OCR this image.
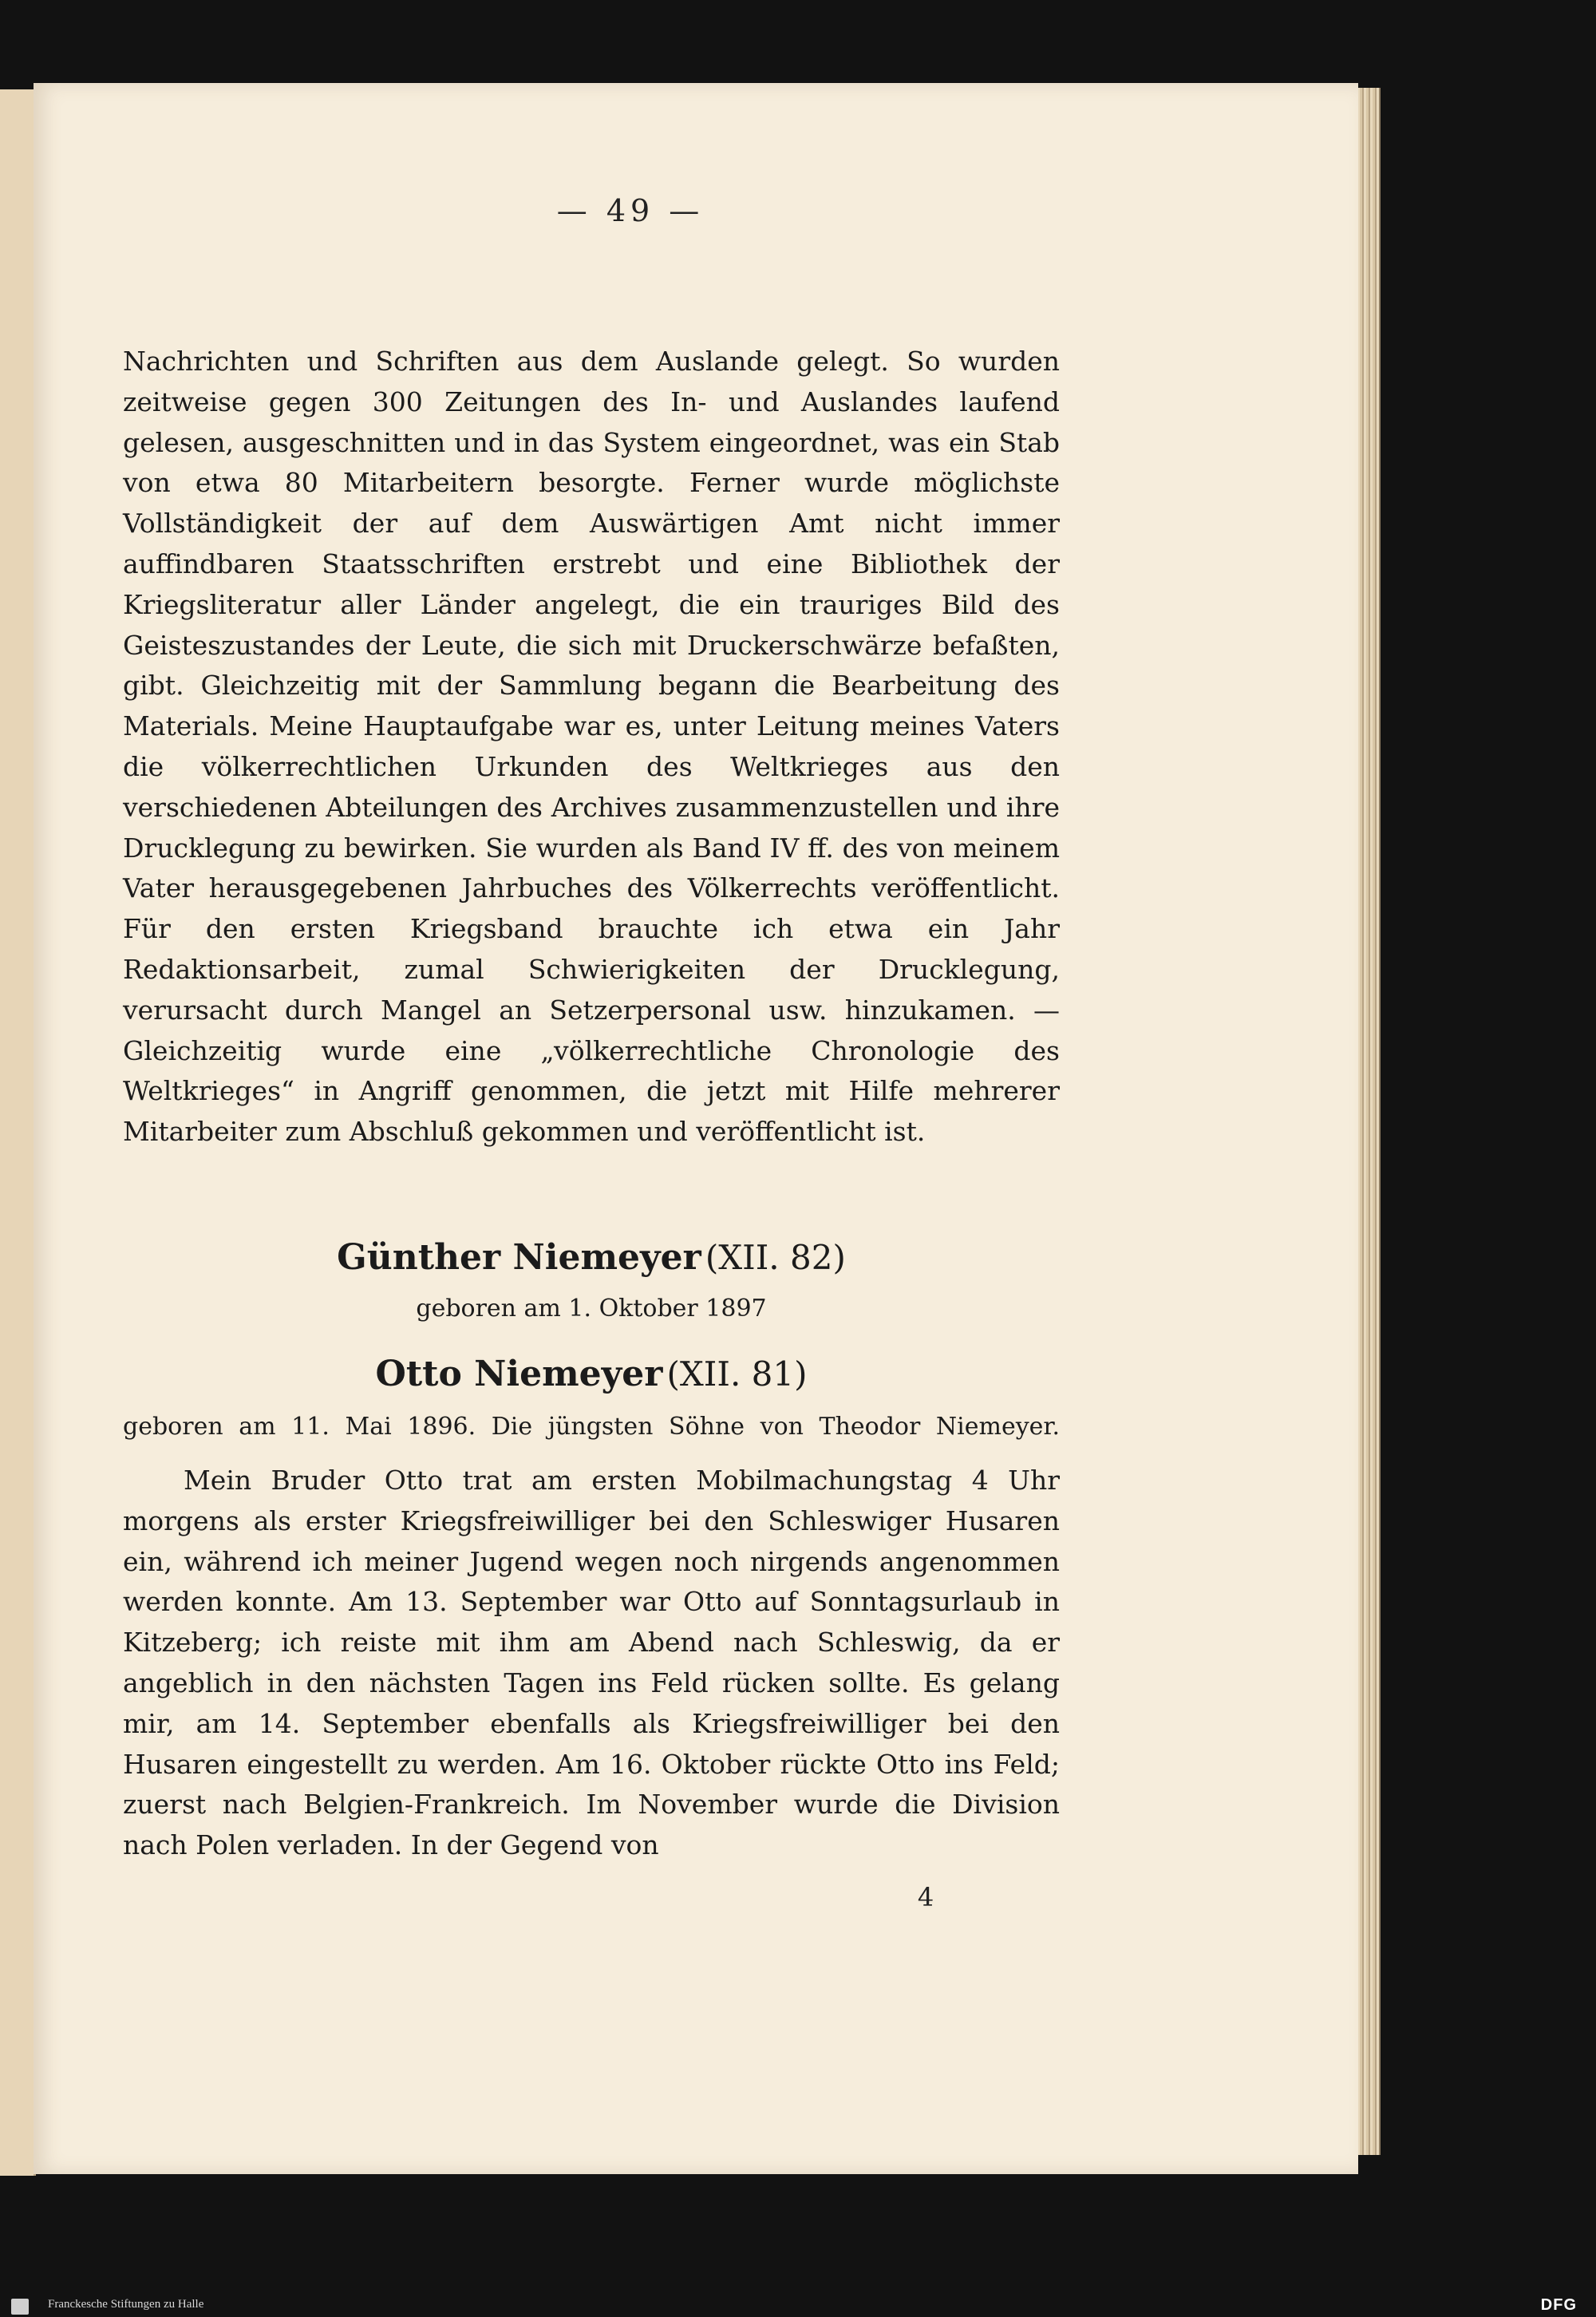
— 49 —

Nachrichten und Schriften aus dem Auslande gelegt. So wurden zeitweise gegen 300 Zeitungen des In- und Auslandes laufend gelesen, ausgeschnitten und in das System eingeordnet, was ein Stab von etwa 80 Mitarbeitern besorgte. Ferner wurde möglichste Vollständigkeit der auf dem Auswärtigen Amt nicht immer auffindbaren Staatsschriften erstrebt und eine Bibliothek der Kriegsliteratur aller Länder angelegt, die ein trauriges Bild des Geisteszustandes der Leute, die sich mit Druckerschwärze befaßten, gibt. Gleichzeitig mit der Sammlung begann die Bearbeitung des Materials. Meine Hauptaufgabe war es, unter Leitung meines Vaters die völkerrechtlichen Urkunden des Weltkrieges aus den verschiedenen Abteilungen des Archives zusammenzustellen und ihre Drucklegung zu bewirken. Sie wurden als Band IV ff. des von meinem Vater herausgegebenen Jahrbuches des Völkerrechts veröffentlicht. Für den ersten Kriegsband brauchte ich etwa ein Jahr Redaktionsarbeit, zumal Schwierigkeiten der Drucklegung, verursacht durch Mangel an Setzerpersonal usw. hinzukamen. — Gleichzeitig wurde eine „völkerrechtliche Chronologie des Weltkrieges“ in Angriff genommen, die jetzt mit Hilfe mehrerer Mitarbeiter zum Abschluß gekommen und veröffentlicht ist.

Günther Niemeyer (XII. 82)

geboren am 1. Oktober 1897

Otto Niemeyer (XII. 81)

geboren am 11. Mai 1896. Die jüngsten Söhne von Theodor Niemeyer.

Mein Bruder Otto trat am ersten Mobilmachungstag 4 Uhr morgens als erster Kriegsfreiwilliger bei den Schleswiger Husaren ein, während ich meiner Jugend wegen noch nirgends angenommen werden konnte. Am 13. September war Otto auf Sonntagsurlaub in Kitzeberg; ich reiste mit ihm am Abend nach Schleswig, da er angeblich in den nächsten Tagen ins Feld rücken sollte. Es gelang mir, am 14. September ebenfalls als Kriegsfreiwilliger bei den Husaren eingestellt zu werden. Am 16. Oktober rückte Otto ins Feld; zuerst nach Belgien-Frankreich. Im November wurde die Division nach Polen verladen. In der Gegend von

4
Franckesche Stiftungen zu Halle	DFG
